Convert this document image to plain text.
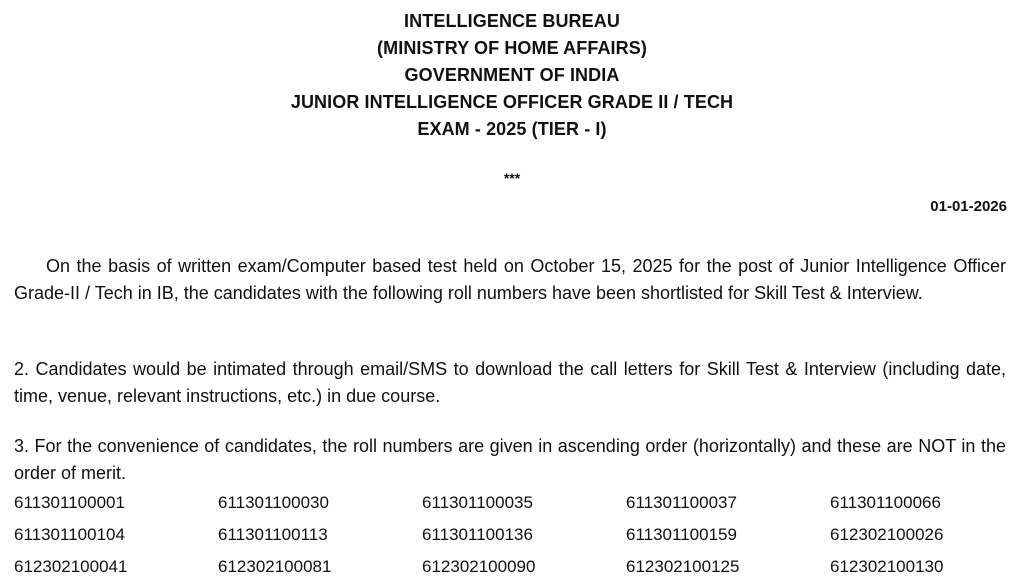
INTELLIGENCE BUREAU
(MINISTRY OF HOME AFFAIRS)
GOVERNMENT OF INDIA
JUNIOR INTELLIGENCE OFFICER GRADE II / TECH
EXAM - 2025 (TIER - I)
***
01-01-2026
On the basis of written exam/Computer based test held on October 15, 2025 for the post of Junior Intelligence Officer Grade-II / Tech in IB, the candidates with the following roll numbers have been shortlisted for Skill Test & Interview.
2. Candidates would be intimated through email/SMS to download the call letters for Skill Test & Interview (including date, time, venue, relevant instructions, etc.) in due course.
3. For the convenience of candidates, the roll numbers are given in ascending order (horizontally) and these are NOT in the order of merit.
611301100001	611301100030	611301100035	611301100037	611301100066
611301100104	611301100113	611301100136	611301100159	612302100026
612302100041	612302100081	612302100090	612302100125	612302100130
